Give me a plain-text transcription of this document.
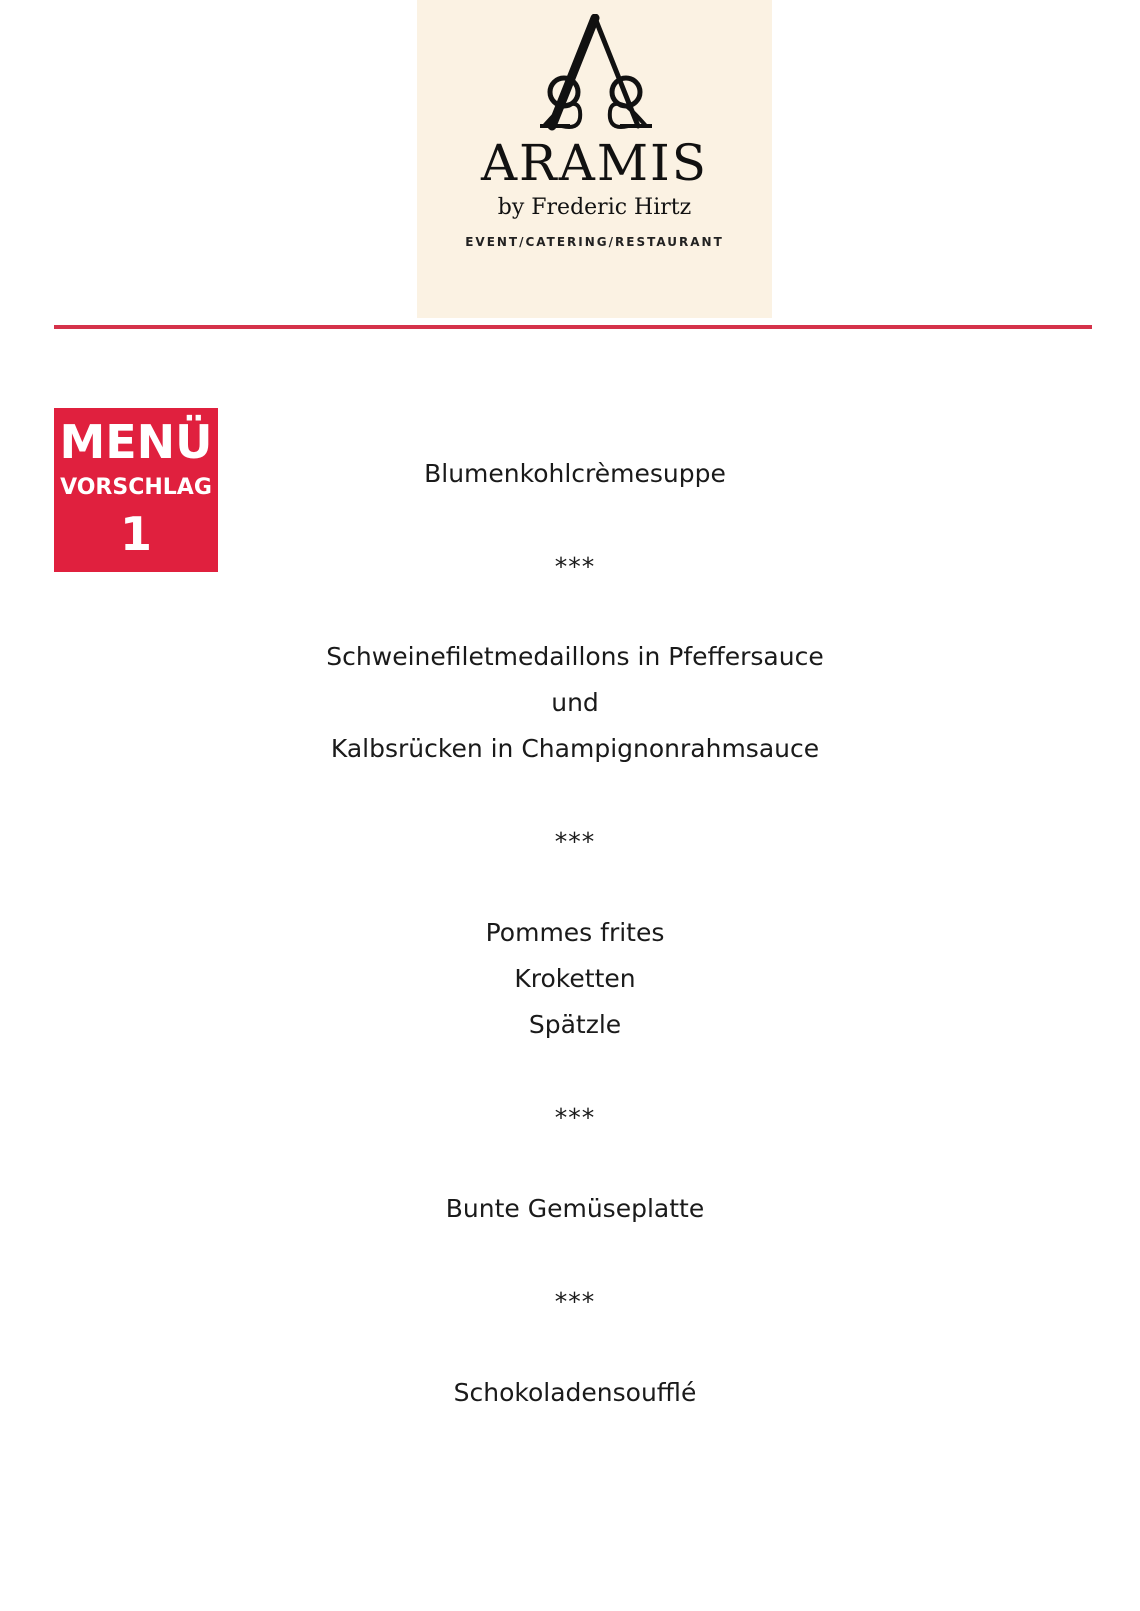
ARAMIS
by Frederic Hirtz
EVENT/CATERING/RESTAURANT
MENÜ
VORSCHLAG
1
Blumenkohlcrèmesuppe
***
Schweinefiletmedaillons in Pfeffersauce
und
Kalbsrücken in Champignonrahmsauce
***
Pommes frites
Kroketten
Spätzle
***
Bunte Gemüseplatte
***
Schokoladensoufflé
